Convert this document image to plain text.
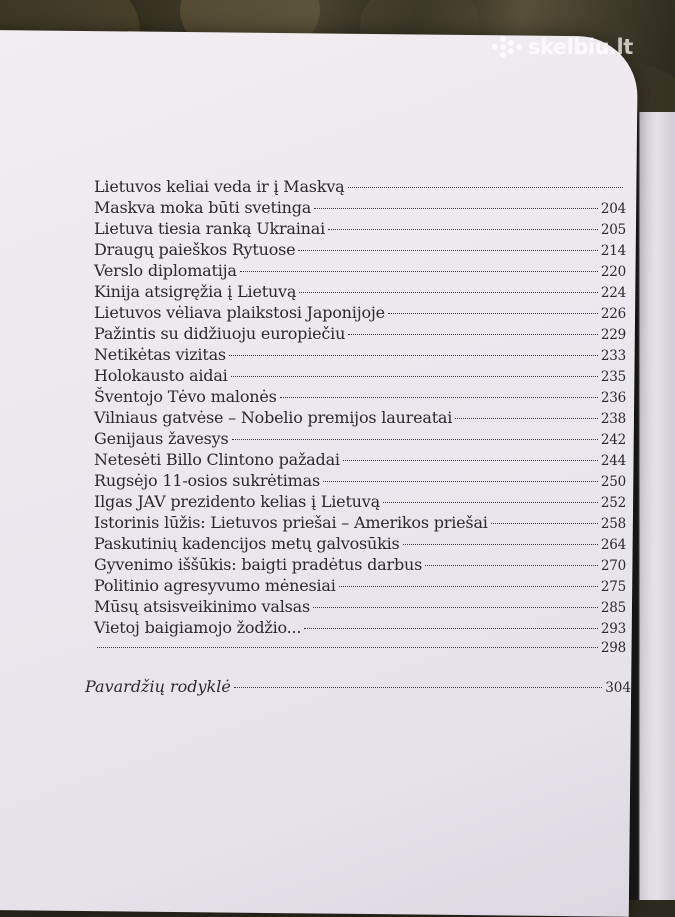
Lietuvos keliai veda ir į Maskvą
Maskva moka būti svetinga	204
Lietuva tiesia ranką Ukrainai	205
Draugų paieškos Rytuose	214
Verslo diplomatija	220
Kinija atsigręžia į Lietuvą	224
Lietuvos vėliava plaikstosi Japonijoje	226
Pažintis su didžiuoju europiečiu	229
Netikėtas vizitas	233
Holokausto aidai	235
Šventojo Tėvo malonės	236
Vilniaus gatvėse – Nobelio premijos laureatai	238
Genijaus žavesys	242
Netesėti Billo Clintono pažadai	244
Rugsėjo 11-osios sukrėtimas	250
Ilgas JAV prezidento kelias į Lietuvą	252
Istorinis lūžis: Lietuvos priešai – Amerikos priešai	258
Paskutinių kadencijos metų galvosūkis	264
Gyvenimo iššūkis: baigti pradėtus darbus	270
Politinio agresyvumo mėnesiai	275
Mūsų atsisveikinimo valsas	285
Vietoj baigiamojo žodžio...	293
298
Pavardžių rodyklė	304
skelbiu.lt
